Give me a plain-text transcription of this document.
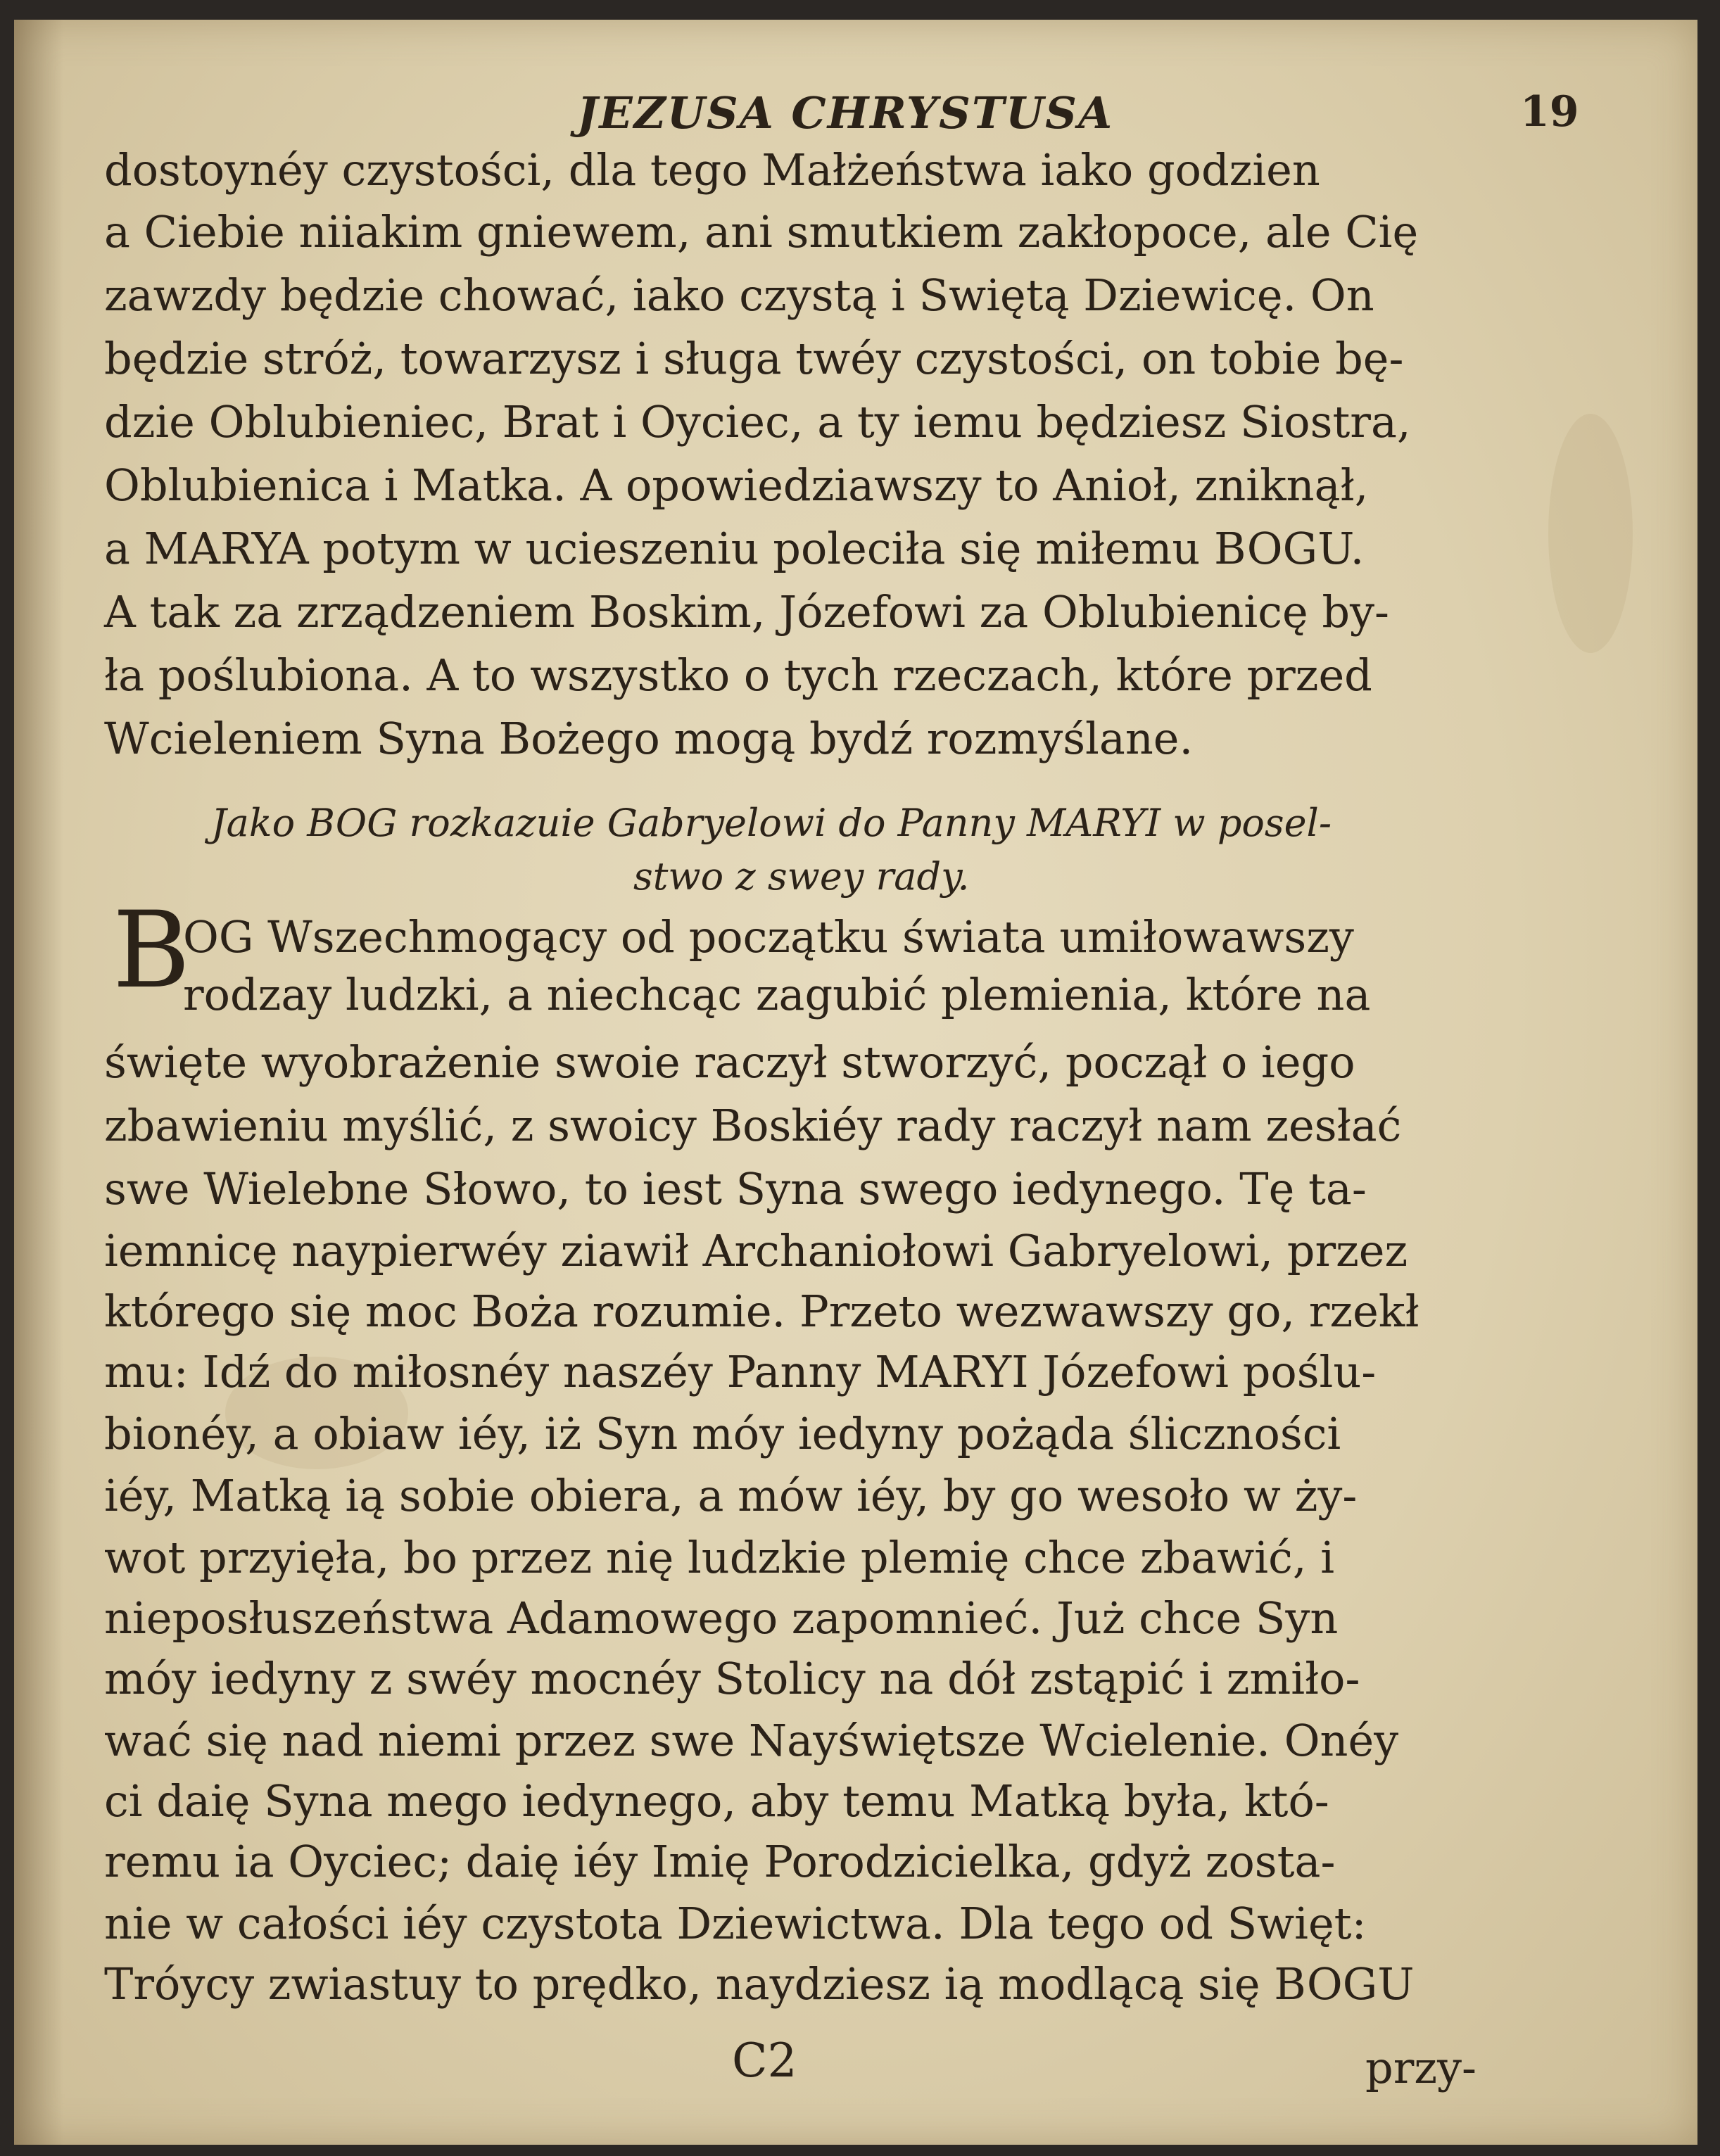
JEZUSA CHRYSTUSA	19
dostoynéy czystości, dla tego Małżeństwa iako godzien
a Ciebie niiakim gniewem, ani smutkiem zakłopoce, ale Cię
zawzdy będzie chować, iako czystą i Swiętą Dziewicę. On
będzie stróż, towarzysz i sługa twéy czystości, on tobie bę-
dzie Oblubieniec, Brat i Oyciec, a ty iemu będziesz Siostra,
Oblubienica i Matka. A opowiedziawszy to Anioł, zniknął,
a MARYA potym w ucieszeniu poleciła się miłemu BOGU.
A tak za zrządzeniem Boskim, Józefowi za Oblubienicę by-
ła poślubiona. A to wszystko o tych rzeczach, które przed
Wcieleniem Syna Bożego mogą bydź rozmyślane.
Jako BOG rozkazuie Gabryelowi do Panny MARYI w posel-
stwo z swey rady.
B
OG Wszechmogący od początku świata umiłowawszy
rodzay ludzki, a niechcąc zagubić plemienia, które na
święte wyobrażenie swoie raczył stworzyć, począł o iego
zbawieniu myślić, z swoicy Boskiéy rady raczył nam zesłać
swe Wielebne Słowo, to iest Syna swego iedynego. Tę ta-
iemnicę naypierwéy ziawił Archaniołowi Gabryelowi, przez
którego się moc Boża rozumie. Przeto wezwawszy go, rzekł
mu: Idź do miłosnéy naszéy Panny MARYI Józefowi poślu-
bionéy, a obiaw iéy, iż Syn móy iedyny pożąda śliczności
iéy, Matką ią sobie obiera, a mów iéy, by go wesoło w ży-
wot przyięła, bo przez nię ludzkie plemię chce zbawić, i
nieposłuszeństwa Adamowego zapomnieć. Już chce Syn
móy iedyny z swéy mocnéy Stolicy na dół zstąpić i zmiło-
wać się nad niemi przez swe Nayświętsze Wcielenie. Onéy
ci daię Syna mego iedynego, aby temu Matką była, któ-
remu ia Oyciec; daię iéy Imię Porodzicielka, gdyż zosta-
nie w całości iéy czystota Dziewictwa. Dla tego od Swięt:
Tróycy zwiastuy to prędko, naydziesz ią modlącą się BOGU
C2	przy-
